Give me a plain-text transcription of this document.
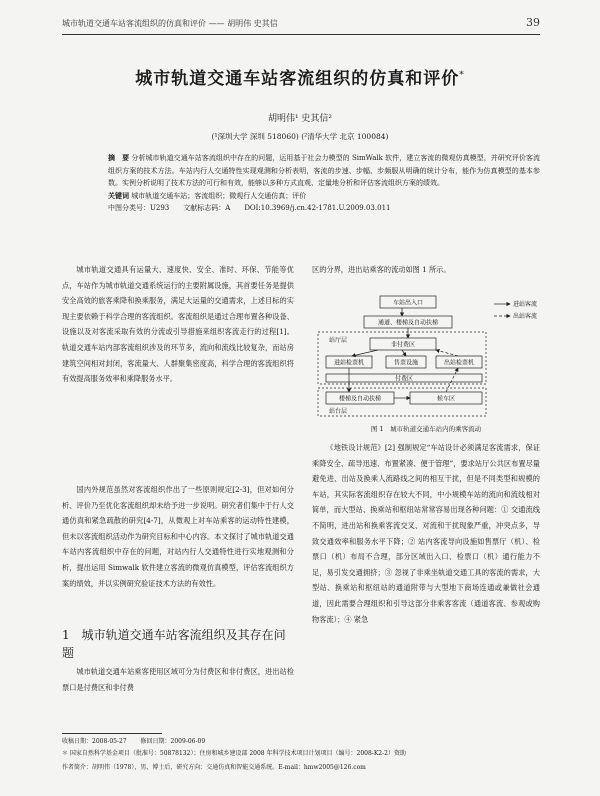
城市轨道交通车站客流组织的仿真和评价 —— 胡明伟 史其信	39
城市轨道交通车站客流组织的仿真和评价*
胡明伟¹ 史其信²
(¹深圳大学 深圳 518060) (²清华大学 北京 100084)
摘　要 分析城市轨道交通车站客流组织中存在的问题，运用基于社会力模型的 SimWalk 软件，建立客流的微观仿真模型，并研究评价客流组织方案的技术方法。车站内行人交通特性实现观测和分析表明，客流的步速、步幅、步频服从明确的统计分布，能作为仿真模型的基本参数。实例分析说明了技术方法的可行和有效，能够以多种方式直观、定量地分析和评估客流组织方案的绩效。
关键词 城市轨道交通车站；客流组织；微观行人交通仿真；评价
中图分类号：U293　　文献标志码：A　　DOI:10.3969/j.cn.42-1781.U.2009.03.011

城市轨道交通具有运量大、速度快、安全、准时、环保、节能等优点，车站作为城市轨道交通系统运行的主要附属设施，其首要任务是提供安全高效的旅客乘降和换乘服务，满足大运量的交通需求，上述目标的实现主要依赖于科学合理的客流组织。客流组织是通过合理布置各种设备、设施以及对客流采取有效的分流或引导措施来组织客流走行的过程[1]。轨道交通车站内部客流组织涉及的环节多，流向和流线比较复杂，而站房建筑空间相对封闭，客流量大、人群聚集密度高，科学合理的客流组织将有效提高服务效率和乘降服务水平。

国内外规范虽然对客流组织作出了一些原则规定[2-3]，但对如何分析、评价乃至优化客流组织却未给予进一步说明。研究者们集中于行人交通仿真和紧急疏散的研究[4-7]，从微观上对车站乘客的运动特性建模，但未以客流组织活动作为研究目标和中心内容。本文探讨了城市轨道交通车站内客流组织中存在的问题，对站内行人交通特性进行实地观测和分析，提出运用 Simwalk 软件建立客流的微观仿真模型，评估客流组织方案的绩效，并以实例研究验证技术方法的有效性。

1　城市轨道交通车站客流组织及其存在问题

城市轨道交通车站乘客使用区域可分为付费区和非付费区，进出站检票口是付费区和非付费

区的分界，进出站乘客的流动如图 1 所示。
车站出入口
通道、楼梯及自动扶梯
站厅层
非付费区
进站检票机	售票设施	出站检票机
付费区
站台层
楼梯及自动扶梯	候车区
进站客流
出站客流
图 1　城市轨道交通车站内的乘客流动

《地铁设计规范》[2] 强制规定“车站设计必须满足客流需求，保证乘降安全、疏导迅速、布置紧凑、便于管理”，要求站厅公共区布置尽量避免进、出站及换乘人流路线之间的相互干扰，但是不同类型和规模的车站，其实际客流组织存在较大不同，中小规模车站的流向和流线相对简单，而大型站、换乘站和枢纽站常常容易出现各种问题：① 交通流线不简明，进出站和换乘客流交叉、对流和干扰现象严重，冲突点多，导致交通效率和服务水平下降；② 站内客流导向设施如售票厅（机）、检票口（机）布局不合理，部分区域出入口、检票口（机）通行能力不足，易引发交通拥挤；③ 忽视了非乘坐轨道交通工具的客流的需求，大型站、换乘站和枢纽站的通道附带与大型地下商场连通或兼做社会通道，因此需要合理组织和引导这部分非乘客客流（通道客流、参观或购物客流）；④ 紧急

收稿日期：2008-05-27 　　 修回日期：2009-06-09
＊ 国家自然科学基金项目（批准号：50878132）；住房和城乡建设部 2008 年科学技术项目计划项目（编号：2008-K2-2）资助
作者简介：胡明伟（1978），男，博士后，研究方向：交通仿真和智能交通系统。E-mail：hmw2005@126.com
